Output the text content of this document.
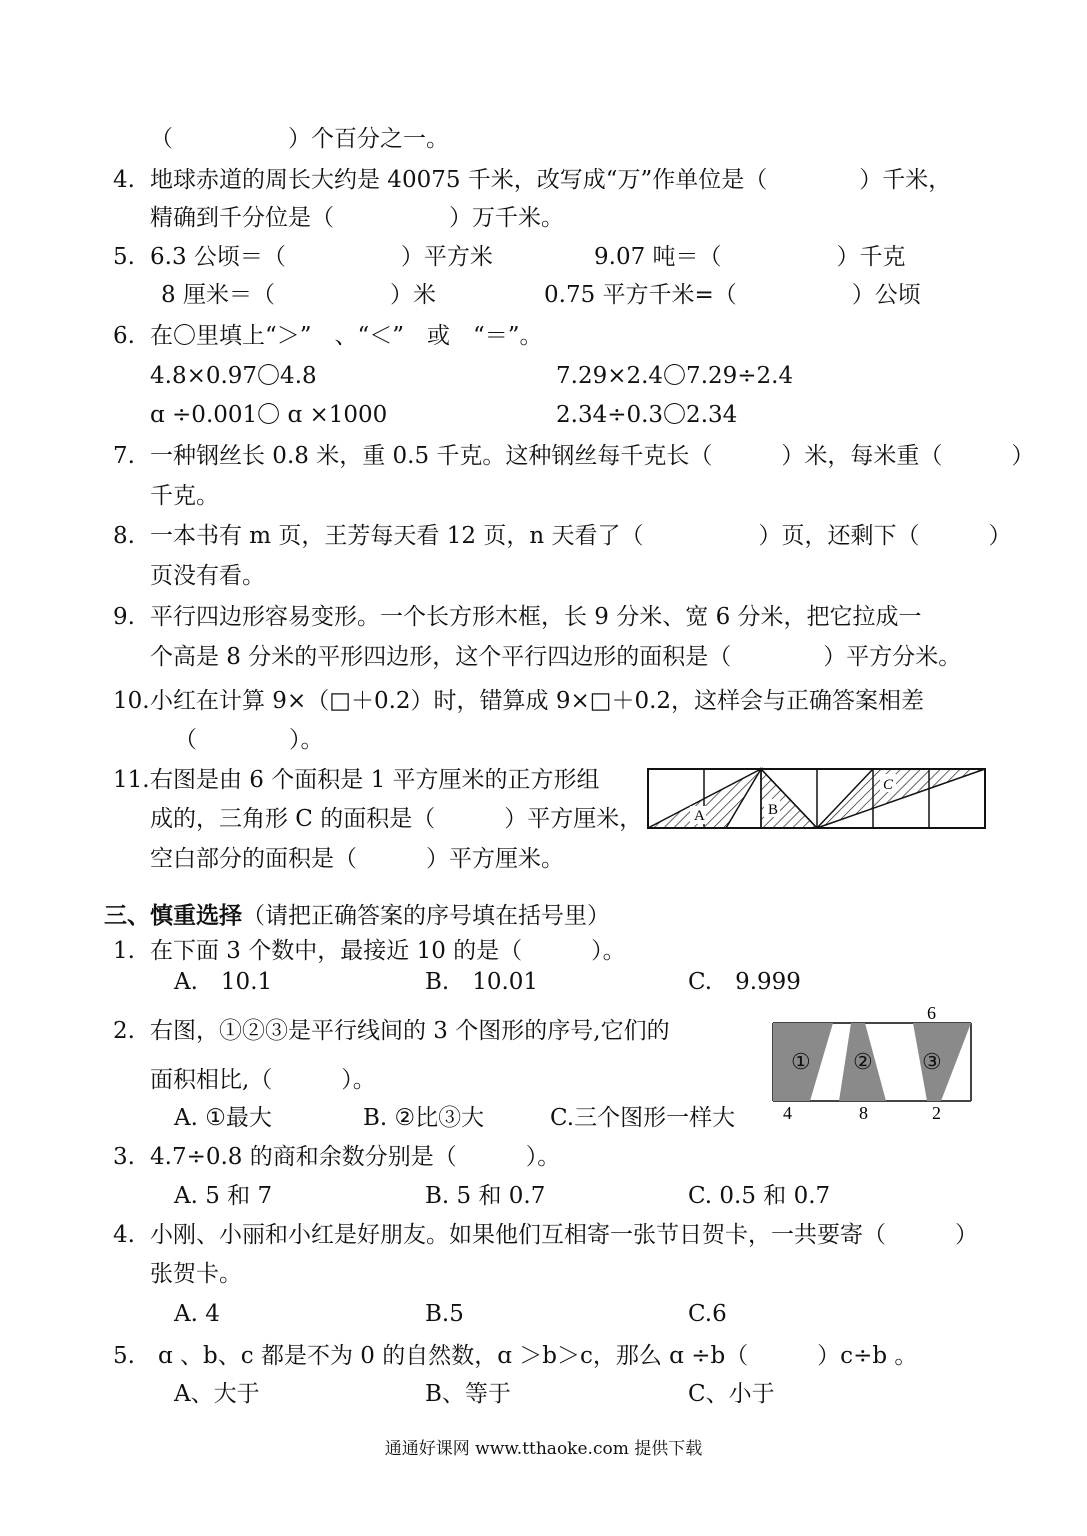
（　　　　　）个百分之一。
4. 地球赤道的周长大约是 40075 千米，改写成“万”作单位是（　　　　）千米，
精确到千分位是（　　　　　）万千米。
5. 6.3 公顷＝（　　　　　）平方米	9.07 吨＝（　　　　　）千克
8 厘米＝（　　　　　）米	0.75 平方千米=（　　　　　）公顷
6. 在〇里填上“＞”　、“＜”　或　“＝”。
4.8×0.97〇4.8	7.29×2.4〇7.29÷2.4
ɑ ÷0.001〇 ɑ ×1000	2.34÷0.3〇2.34
7. 一种钢丝长 0.8 米，重 0.5 千克。这种钢丝每千克长（　　　）米，每米重（　　　）
千克。
8. 一本书有 m 页，王芳每天看 12 页，n 天看了（　　　　　）页，还剩下（　　　）
页没有看。
9. 平行四边形容易变形。一个长方形木框，长 9 分米、宽 6 分米，把它拉成一
个高是 8 分米的平形四边形，这个平行四边形的面积是（　　　　）平方分米。
10. 小红在计算 9×（□＋0.2）时，错算成 9×□＋0.2，这样会与正确答案相差
（　　　　）。
11. 右图是由 6 个面积是 1 平方厘米的正方形组
成的，三角形 C 的面积是（　　　）平方厘米，
空白部分的面积是（　　　）平方厘米。
A	B
C
三、慎重选择（请把正确答案的序号填在括号里）
1. 在下面 3 个数中，最接近 10 的是（　　　）。
A.　10.1	B.　10.01	C.　9.999
2. 右图，①②③是平行线间的 3 个图形的序号,它们的
面积相比,（　　　）。
A. ①最大	B. ②比③大	C.三个图形一样大
① ② ③
6
4	8	2
3. 4.7÷0.8 的商和余数分别是（　　　）。
A. 5 和 7	B. 5 和 0.7	C. 0.5 和 0.7
4. 小刚、小丽和小红是好朋友。如果他们互相寄一张节日贺卡，一共要寄（　　　）
张贺卡。
A. 4	B.5	C.6
5. ɑ 、b、c 都是不为 0 的自然数，ɑ ＞b＞c，那么 ɑ ÷b（　　　）c÷b 。
A、大于	B、等于	C、小于
通通好课网 www.tthaoke.com 提供下载
